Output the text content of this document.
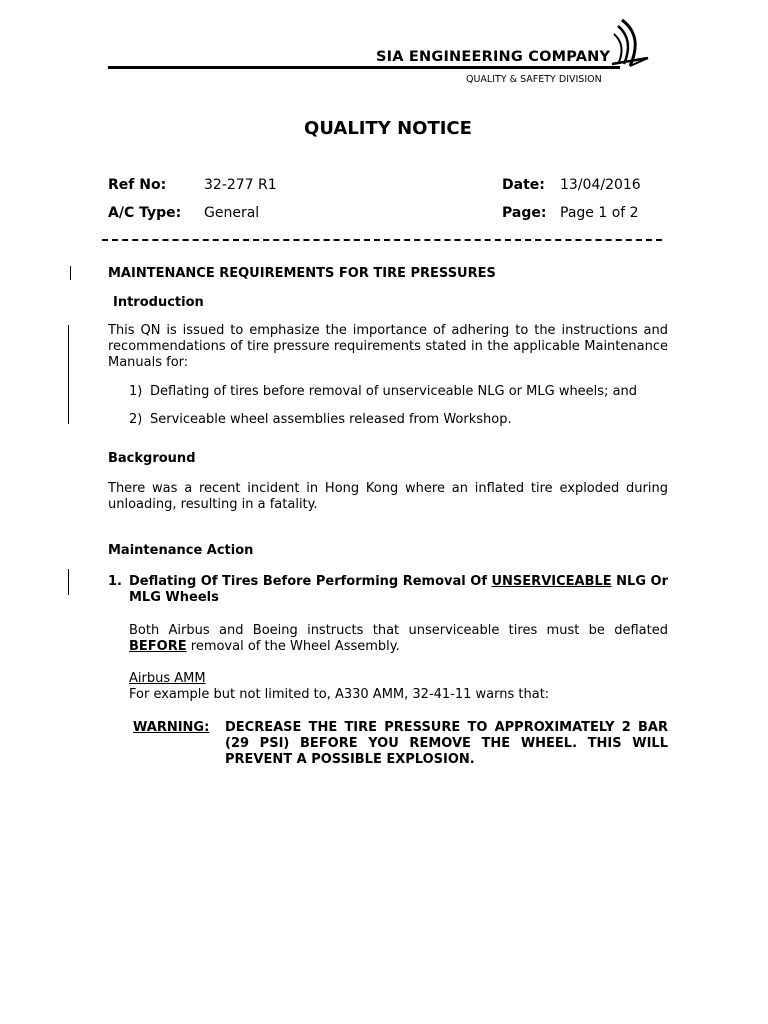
SIA ENGINEERING COMPANY
QUALITY & SAFETY DIVISION
QUALITY NOTICE
Ref No:	32-277 R1
A/C Type: General
Date: 13/04/2016
Page: Page 1 of 2
MAINTENANCE REQUIREMENTS FOR TIRE PRESSURES
Introduction
This QN is issued to emphasize the importance of adhering to the instructions and recommendations of tire pressure requirements stated in the applicable Maintenance Manuals for:
1) Deflating of tires before removal of unserviceable NLG or MLG wheels; and
2) Serviceable wheel assemblies released from Workshop.
Background
There was a recent incident in Hong Kong where an inflated tire exploded during unloading, resulting in a fatality.
Maintenance Action
1. Deflating Of Tires Before Performing Removal Of UNSERVICEABLE NLG Or MLG Wheels
Both Airbus and Boeing instructs that unserviceable tires must be deflated BEFORE removal of the Wheel Assembly.
Airbus AMM
For example but not limited to, A330 AMM, 32-41-11 warns that:
WARNING: DECREASE THE TIRE PRESSURE TO APPROXIMATELY 2 BAR (29 PSI) BEFORE YOU REMOVE THE WHEEL. THIS WILL PREVENT A POSSIBLE EXPLOSION.
